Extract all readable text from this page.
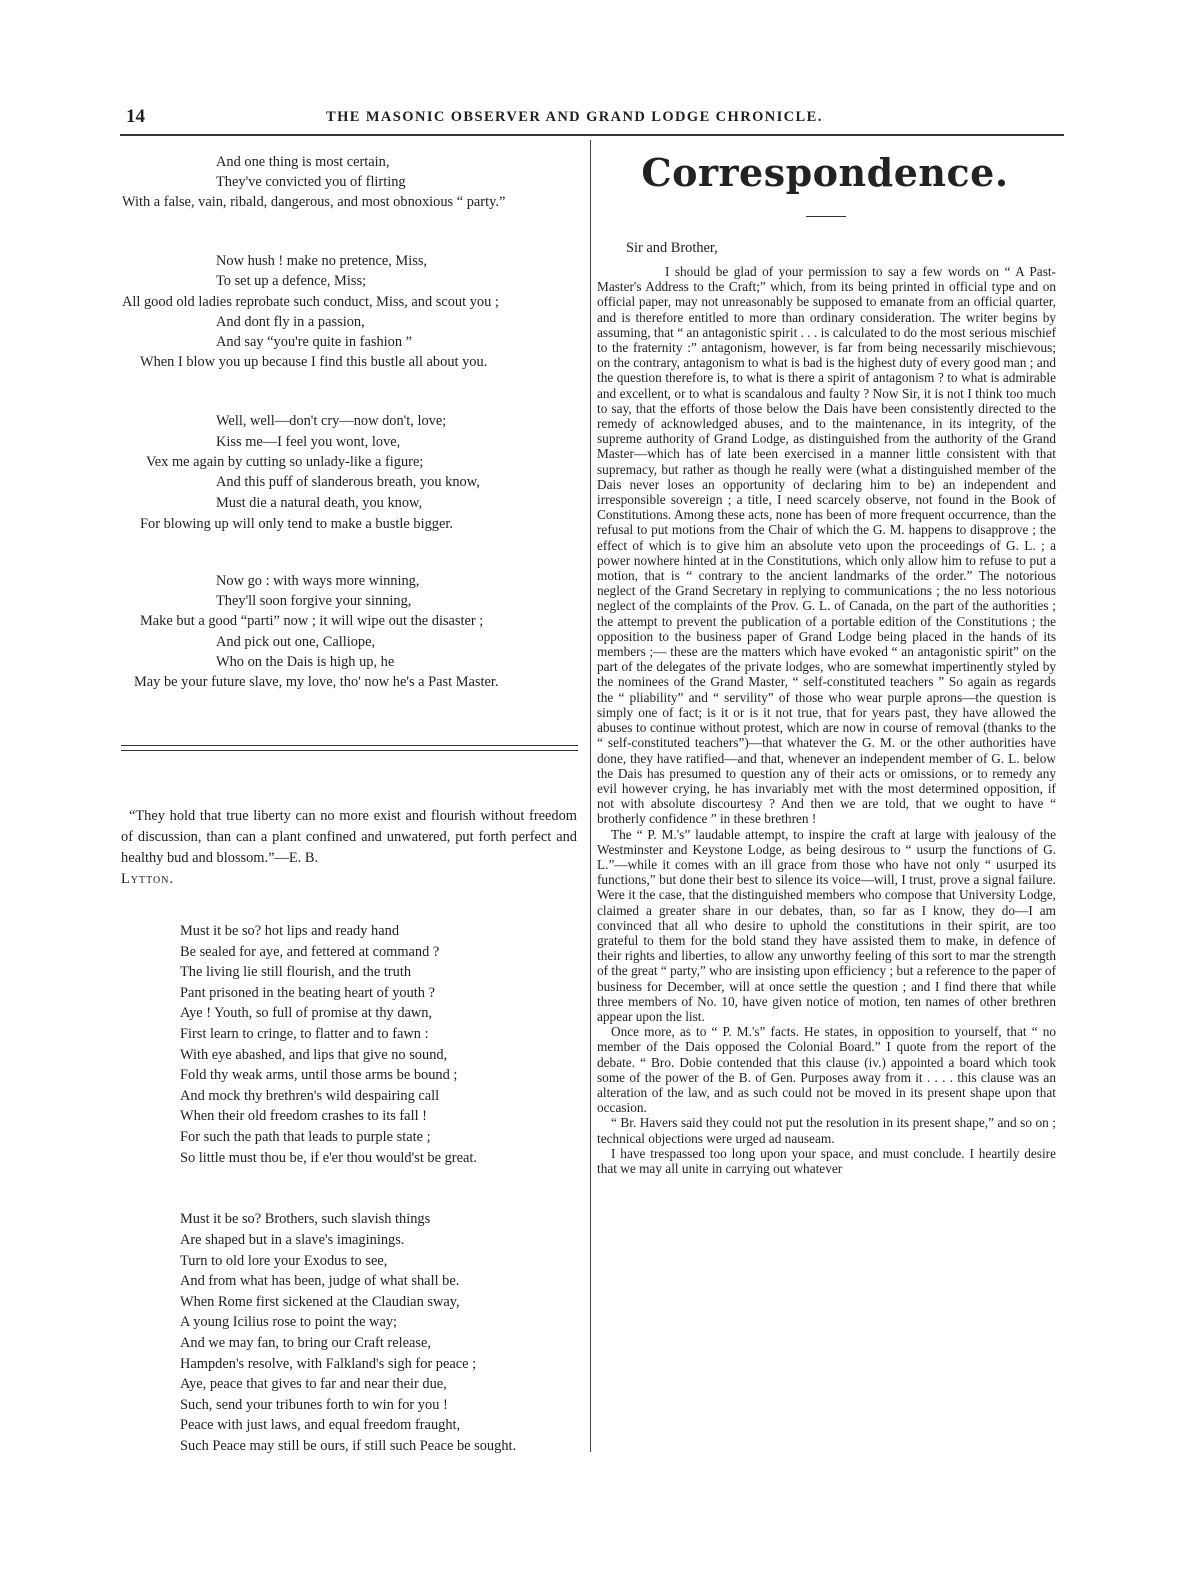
14	THE MASONIC OBSERVER AND GRAND LODGE CHRONICLE.
And one thing is most certain,
They've convicted you of flirting
With a false, vain, ribald, dangerous, and most obnoxious “ party.”
Now hush ! make no pretence, Miss,
To set up a defence, Miss;
All good old ladies reprobate such conduct, Miss, and scout you ;
And dont fly in a passion,
And say “you're quite in fashion ”
When I blow you up because I find this bustle all about you.
Well, well—don't cry—now don't, love;
Kiss me—I feel you wont, love,
Vex me again by cutting so unlady-like a figure;
And this puff of slanderous breath, you know,
Must die a natural death, you know,
For blowing up will only tend to make a bustle bigger.
Now go : with ways more winning,
They'll soon forgive your sinning,
Make but a good “parti” now ; it will wipe out the disaster ;
And pick out one, Calliope,
Who on the Dais is high up, he
May be your future slave, my love, tho' now he's a Past Master.
“They hold that true liberty can no more exist and flourish without freedom of discussion, than can a plant confined and unwatered, put forth perfect and healthy bud and blossom.”—E. B.
Lytton.
Must it be so? hot lips and ready hand
Be sealed for aye, and fettered at command ?
The living lie still flourish, and the truth
Pant prisoned in the beating heart of youth ?
Aye ! Youth, so full of promise at thy dawn,
First learn to cringe, to flatter and to fawn :
With eye abashed, and lips that give no sound,
Fold thy weak arms, until those arms be bound ;
And mock thy brethren's wild despairing call
When their old freedom crashes to its fall !
For such the path that leads to purple state ;
So little must thou be, if e'er thou would'st be great.
Must it be so? Brothers, such slavish things
Are shaped but in a slave's imaginings.
Turn to old lore your Exodus to see,
And from what has been, judge of what shall be.
When Rome first sickened at the Claudian sway,
A young Icilius rose to point the way;
And we may fan, to bring our Craft release,
Hampden's resolve, with Falkland's sigh for peace ;
Aye, peace that gives to far and near their due,
Such, send your tribunes forth to win for you !
Peace with just laws, and equal freedom fraught,
Such Peace may still be ours, if still such Peace be sought.
Correspondence.
Sir and Brother,

I should be glad of your permission to say a few words on “ A Past-Master's Address to the Craft;” which, from its being printed in official type and on official paper, may not unreasonably be supposed to emanate from an official quarter, and is therefore entitled to more than ordinary consideration. The writer begins by assuming, that “ an antagonistic spirit . . . is calculated to do the most serious mischief to the fraternity :” antagonism, however, is far from being necessarily mischievous; on the contrary, antagonism to what is bad is the highest duty of every good man ; and the question therefore is, to what is there a spirit of antagonism ? to what is admirable and excellent, or to what is scandalous and faulty ? Now Sir, it is not I think too much to say, that the efforts of those below the Dais have been consistently directed to the remedy of acknowledged abuses, and to the maintenance, in its integrity, of the supreme authority of Grand Lodge, as distinguished from the authority of the Grand Master—which has of late been exercised in a manner little consistent with that supremacy, but rather as though he really were (what a distinguished member of the Dais never loses an opportunity of declaring him to be) an independent and irresponsible sovereign ; a title, I need scarcely observe, not found in the Book of Constitutions. Among these acts, none has been of more frequent occurrence, than the refusal to put motions from the Chair of which the G. M. happens to disapprove ; the effect of which is to give him an absolute veto upon the proceedings of G. L. ; a power nowhere hinted at in the Constitutions, which only allow him to refuse to put a motion, that is “ contrary to the ancient landmarks of the order.” The notorious neglect of the Grand Secretary in replying to communications ; the no less notorious neglect of the complaints of the Prov. G. L. of Canada, on the part of the authorities ; the attempt to prevent the publication of a portable edition of the Constitutions ; the opposition to the business paper of Grand Lodge being placed in the hands of its members ;— these are the matters which have evoked “ an antagonistic spirit” on the part of the delegates of the private lodges, who are somewhat impertinently styled by the nominees of the Grand Master, “ self-constituted teachers ” So again as regards the “ pliability” and “ servility” of those who wear purple aprons—the question is simply one of fact; is it or is it not true, that for years past, they have allowed the abuses to continue without protest, which are now in course of removal (thanks to the “ self-constituted teachers”)—that whatever the G. M. or the other authorities have done, they have ratified—and that, whenever an independent member of G. L. below the Dais has presumed to question any of their acts or omissions, or to remedy any evil however crying, he has invariably met with the most determined opposition, if not with absolute discourtesy ? And then we are told, that we ought to have “ brotherly confidence ” in these brethren !

The “ P. M.'s” laudable attempt, to inspire the craft at large with jealousy of the Westminster and Keystone Lodge, as being desirous to “ usurp the functions of G. L.”—while it comes with an ill grace from those who have not only “ usurped its functions,” but done their best to silence its voice—will, I trust, prove a signal failure. Were it the case, that the distinguished members who compose that University Lodge, claimed a greater share in our debates, than, so far as I know, they do—I am convinced that all who desire to uphold the constitutions in their spirit, are too grateful to them for the bold stand they have assisted them to make, in defence of their rights and liberties, to allow any unworthy feeling of this sort to mar the strength of the great “ party,” who are insisting upon efficiency ; but a reference to the paper of business for December, will at once settle the question ; and I find there that while three members of No. 10, have given notice of motion, ten names of other brethren appear upon the list.

Once more, as to “ P. M.'s” facts. He states, in opposition to yourself, that “ no member of the Dais opposed the Colonial Board.” I quote from the report of the debate. “ Bro. Dobie contended that this clause (iv.) appointed a board which took some of the power of the B. of Gen. Purposes away from it . . . . this clause was an alteration of the law, and as such could not be moved in its present shape upon that occasion.

“ Br. Havers said they could not put the resolution in its present shape,” and so on ; technical objections were urged ad nauseam.

I have trespassed too long upon your space, and must conclude. I heartily desire that we may all unite in carrying out whatever
